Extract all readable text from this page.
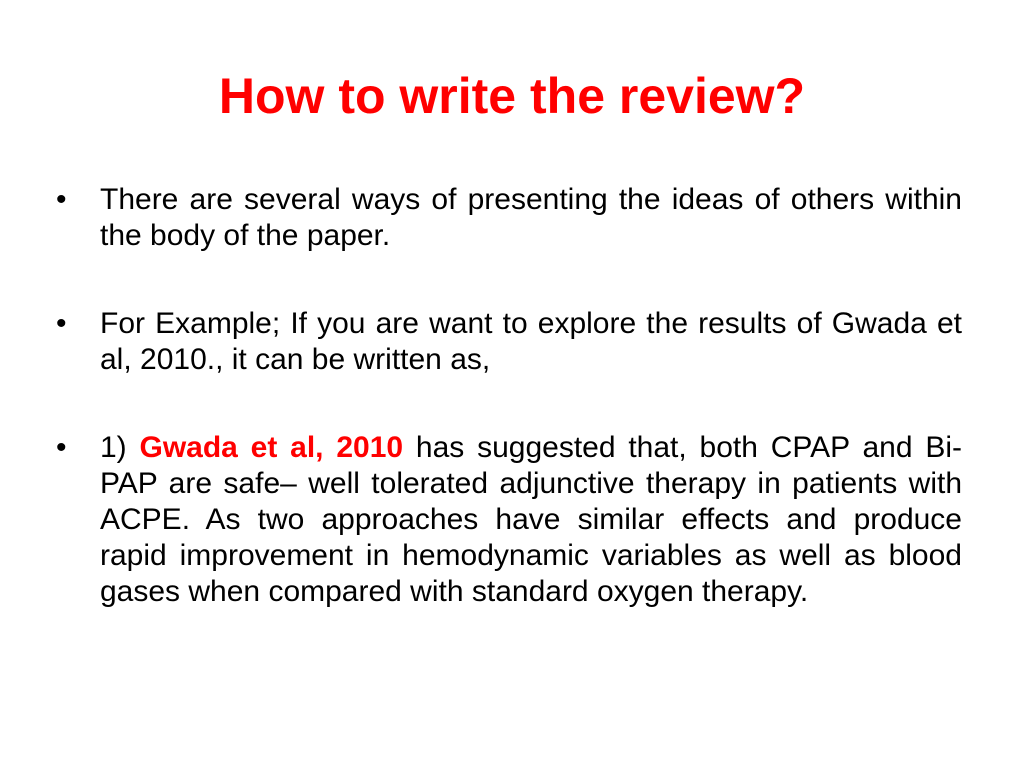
How to write the review?
•	There are several ways of presenting the ideas of others within the body of the paper.
•	For Example; If you are want to explore the results of Gwada et al, 2010., it can be written as,
•	1) Gwada et al, 2010 has suggested that, both CPAP and Bi-PAP are safe– well tolerated adjunctive therapy in patients with ACPE. As two approaches have similar effects and produce rapid improvement in hemodynamic variables as well as blood gases when compared with standard oxygen therapy.
